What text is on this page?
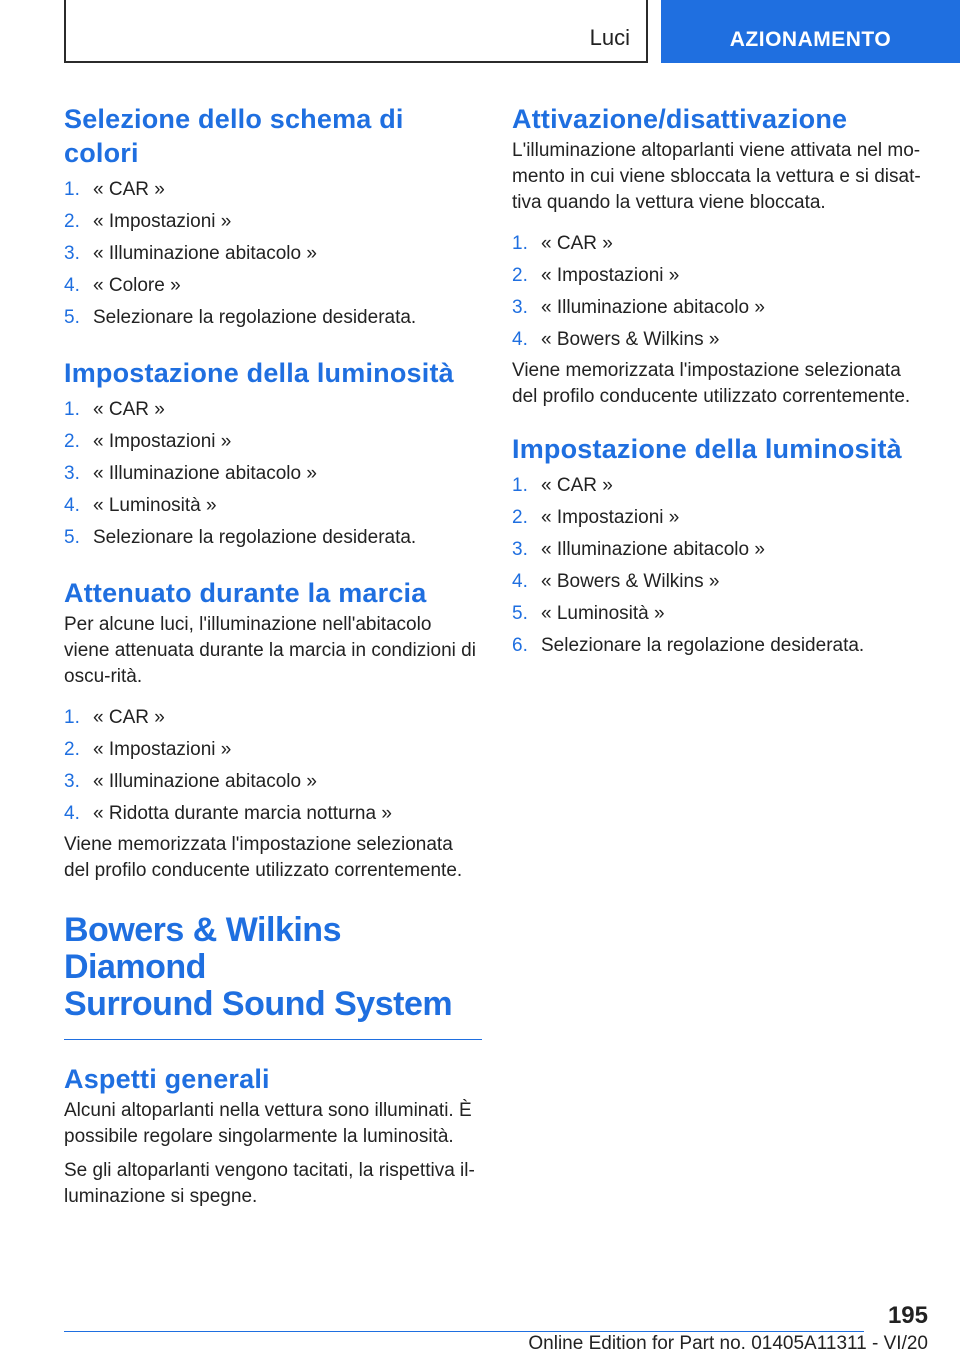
Luci	AZIONAMENTO
Selezione dello schema di colori
1. « CAR »
2. « Impostazioni »
3. « Illuminazione abitacolo »
4. « Colore »
5. Selezionare la regolazione desiderata.
Impostazione della luminosità
1. « CAR »
2. « Impostazioni »
3. « Illuminazione abitacolo »
4. « Luminosità »
5. Selezionare la regolazione desiderata.
Attenuato durante la marcia

Per alcune luci, l'illuminazione nell'abitacolo viene attenuata durante la marcia in condizioni di oscu-rità.

1. « CAR »
2. « Impostazioni »
3. « Illuminazione abitacolo »
4. « Ridotta durante marcia notturna »

Viene memorizzata l'impostazione selezionata del profilo conducente utilizzato correntemente.

Bowers & Wilkins Diamond
Surround Sound System
Aspetti generali

Alcuni altoparlanti nella vettura sono illuminati. È possibile regolare singolarmente la luminosità.

Se gli altoparlanti vengono tacitati, la rispettiva il-luminazione si spegne.

Attivazione/disattivazione

L'illuminazione altoparlanti viene attivata nel mo-mento in cui viene sbloccata la vettura e si disat-tiva quando la vettura viene bloccata.

1. « CAR »
2. « Impostazioni »
3. « Illuminazione abitacolo »
4. « Bowers & Wilkins »

Viene memorizzata l'impostazione selezionata del profilo conducente utilizzato correntemente.

Impostazione della luminosità
1. « CAR »
2. « Impostazioni »
3. « Illuminazione abitacolo »
4. « Bowers & Wilkins »
5. « Luminosità »
6. Selezionare la regolazione desiderata.
195
Online Edition for Part no. 01405A11311 - VI/20
